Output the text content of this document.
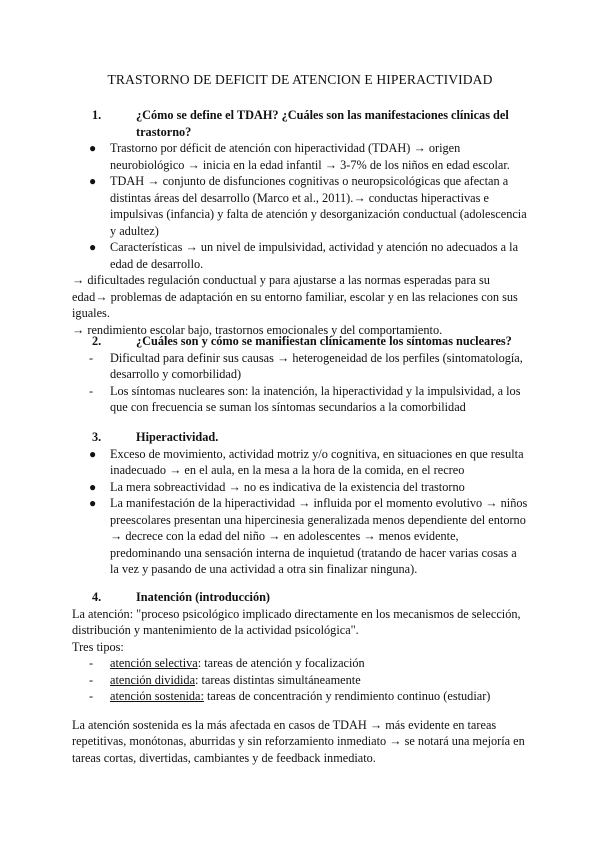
TRASTORNO DE DEFICIT DE ATENCION E HIPERACTIVIDAD
1.	¿Cómo se define el TDAH? ¿Cuáles son las manifestaciones clínicas del trastorno?
● Trastorno por déficit de atención con hiperactividad (TDAH) → origen neurobiológico → inicia en la edad infantil → 3-7% de los niños en edad escolar.
● TDAH → conjunto de disfunciones cognitivas o neuropsicológicas que afectan a distintas áreas del desarrollo (Marco et al., 2011).→ conductas hiperactivas e impulsivas (infancia) y falta de atención y desorganización conductual (adolescencia y adultez)
● Características → un nivel de impulsividad, actividad y atención no adecuados a la edad de desarrollo.
→ dificultades regulación conductual y para ajustarse a las normas esperadas para su edad→ problemas de adaptación en su entorno familiar, escolar y en las relaciones con sus iguales.
→ rendimiento escolar bajo, trastornos emocionales y del comportamiento.
2.	¿Cuáles son y cómo se manifiestan clínicamente los síntomas nucleares?
- Dificultad para definir sus causas → heterogeneidad de los perfiles (sintomatología, desarrollo y comorbilidad)
- Los síntomas nucleares son: la inatención, la hiperactividad y la impulsividad, a los que con frecuencia se suman los síntomas secundarios a la comorbilidad
3.	Hiperactividad.
● Exceso de movimiento, actividad motriz y/o cognitiva, en situaciones en que resulta inadecuado → en el aula, en la mesa a la hora de la comida, en el recreo
● La mera sobreactividad → no es indicativa de la existencia del trastorno
● La manifestación de la hiperactividad → influida por el momento evolutivo → niños preescolares presentan una hipercinesia generalizada menos dependiente del entorno → decrece con la edad del niño → en adolescentes → menos evidente, predominando una sensación interna de inquietud (tratando de hacer varias cosas a la vez y pasando de una actividad a otra sin finalizar ninguna).
4.	Inatención (introducción)
La atención: "proceso psicológico implicado directamente en los mecanismos de selección, distribución y mantenimiento de la actividad psicológica".
Tres tipos:
- atención selectiva: tareas de atención y focalización
- atención dividida: tareas distintas simultáneamente
- atención sostenida: tareas de concentración y rendimiento continuo (estudiar)
La atención sostenida es la más afectada en casos de TDAH → más evidente en tareas repetitivas, monótonas, aburridas y sin reforzamiento inmediato → se notará una mejoría en tareas cortas, divertidas, cambiantes y de feedback inmediato.
